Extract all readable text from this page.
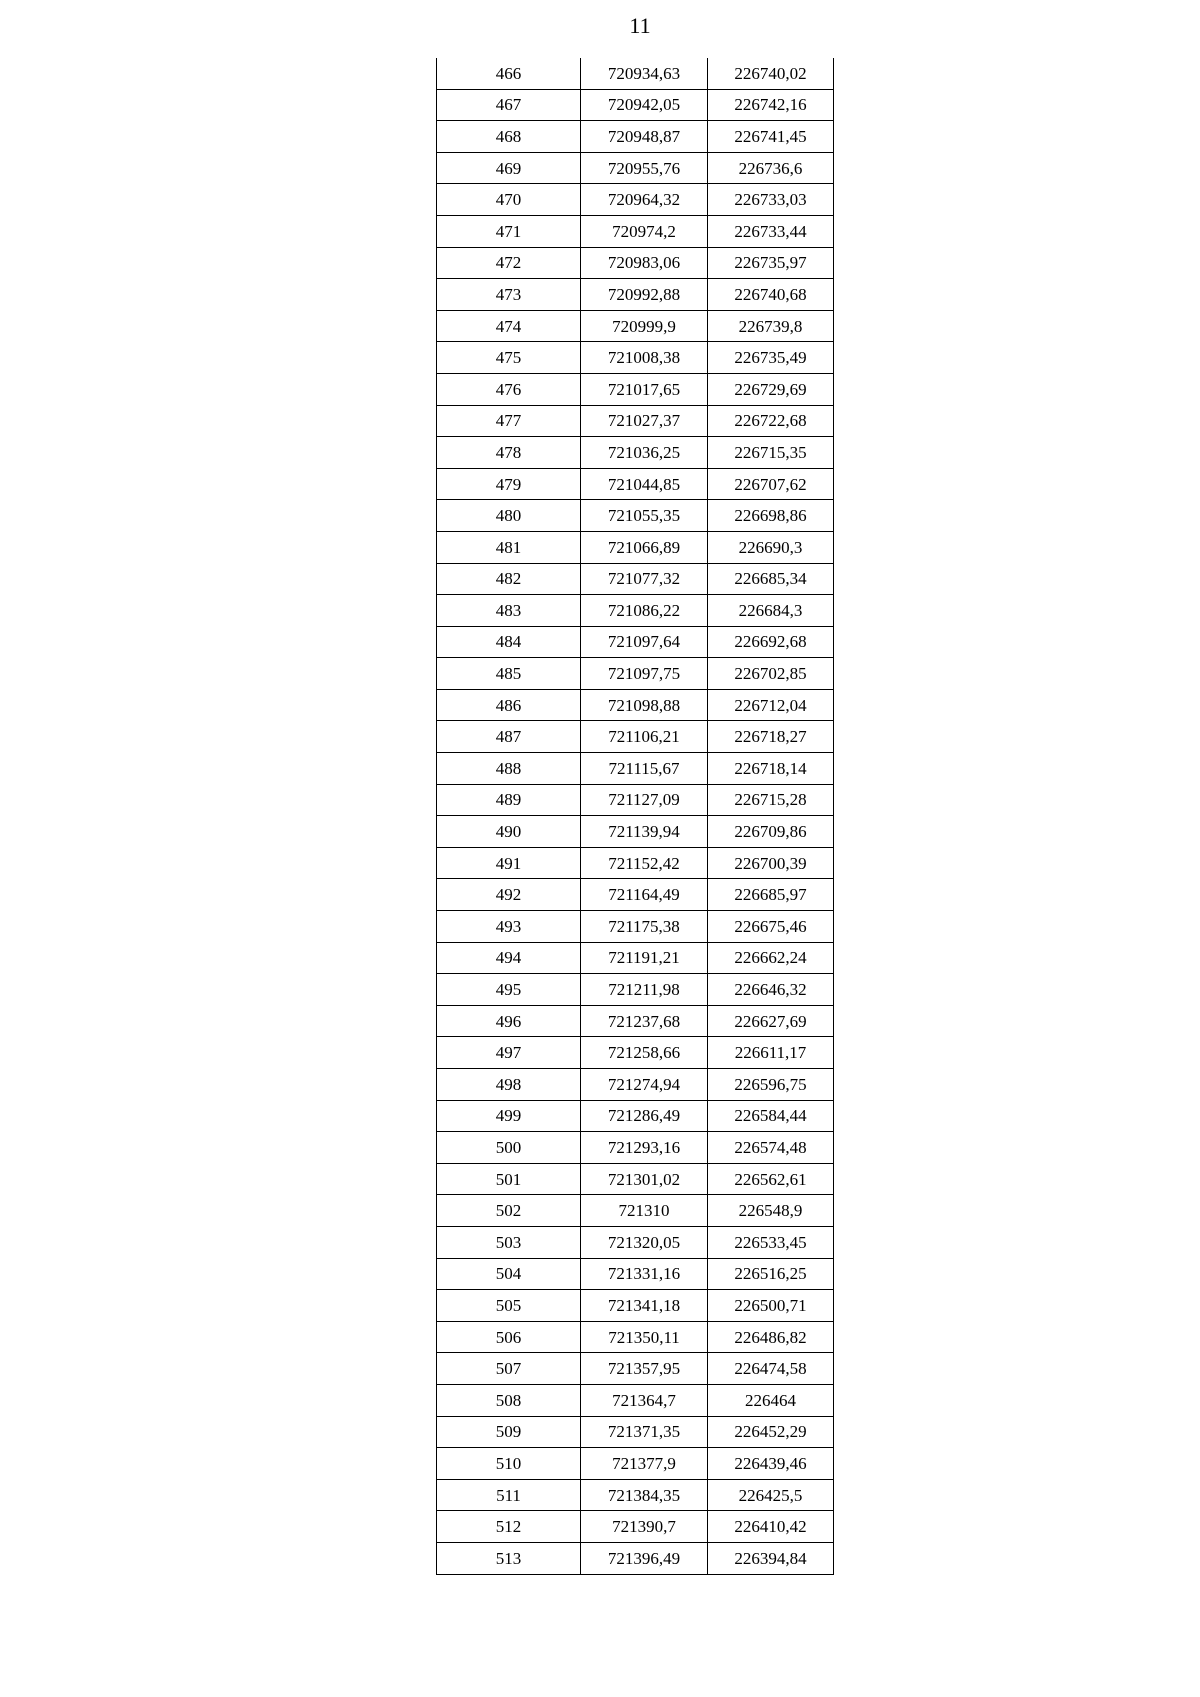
11
466	720934,63	226740,02
467	720942,05	226742,16
468	720948,87	226741,45
469	720955,76	226736,6
470	720964,32	226733,03
471	720974,2	226733,44
472	720983,06	226735,97
473	720992,88	226740,68
474	720999,9	226739,8
475	721008,38	226735,49
476	721017,65	226729,69
477	721027,37	226722,68
478	721036,25	226715,35
479	721044,85	226707,62
480	721055,35	226698,86
481	721066,89	226690,3
482	721077,32	226685,34
483	721086,22	226684,3
484	721097,64	226692,68
485	721097,75	226702,85
486	721098,88	226712,04
487	721106,21	226718,27
488	721115,67	226718,14
489	721127,09	226715,28
490	721139,94	226709,86
491	721152,42	226700,39
492	721164,49	226685,97
493	721175,38	226675,46
494	721191,21	226662,24
495	721211,98	226646,32
496	721237,68	226627,69
497	721258,66	226611,17
498	721274,94	226596,75
499	721286,49	226584,44
500	721293,16	226574,48
501	721301,02	226562,61
502	721310	226548,9
503	721320,05	226533,45
504	721331,16	226516,25
505	721341,18	226500,71
506	721350,11	226486,82
507	721357,95	226474,58
508	721364,7	226464
509	721371,35	226452,29
510	721377,9	226439,46
511	721384,35	226425,5
512	721390,7	226410,42
513	721396,49	226394,84
